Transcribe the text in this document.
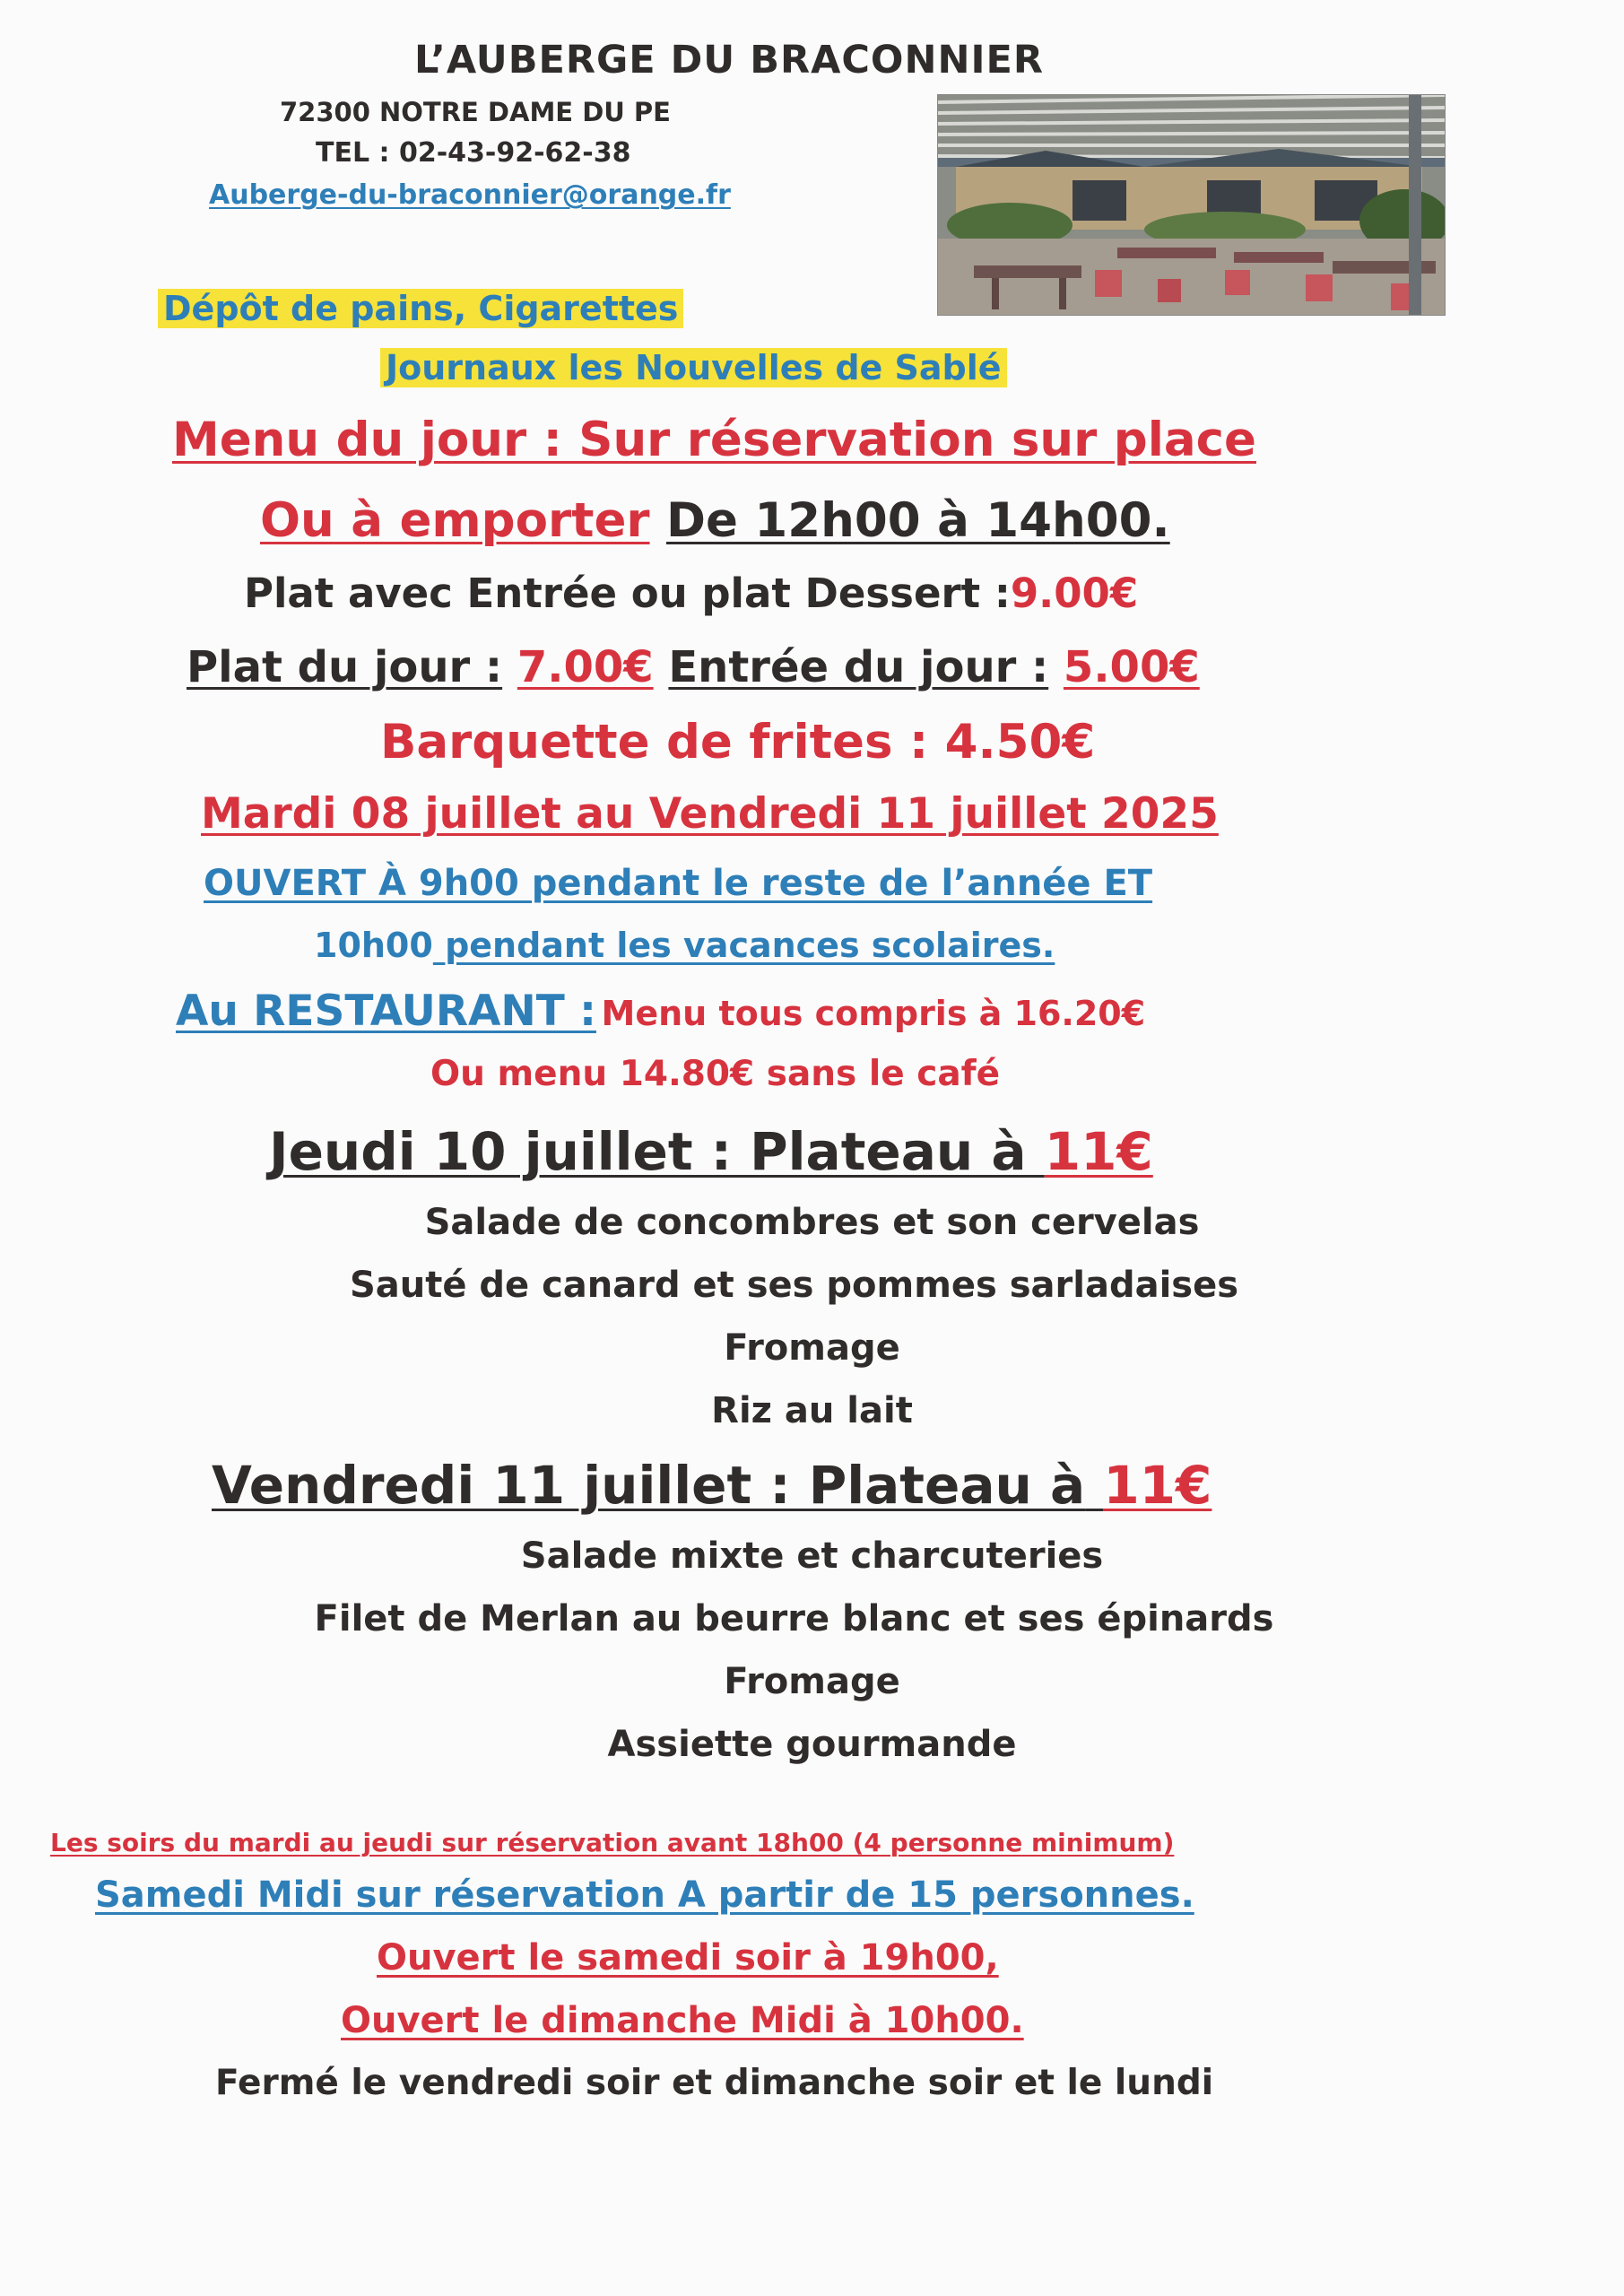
L’AUBERGE DU BRACONNIER
72300 NOTRE DAME DU PE
TEL : 02-43-92-62-38
Auberge-du-braconnier@orange.fr
Dépôt de pains, Cigarettes
Journaux les Nouvelles de Sablé
Menu du jour : Sur réservation sur place
Ou à emporter De 12h00 à 14h00.
Plat avec Entrée ou plat Dessert :9.00€
Plat du jour : 7.00€ Entrée du jour : 5.00€
Barquette de frites : 4.50€
Mardi 08 juillet au Vendredi 11 juillet 2025
OUVERT À 9h00 pendant le reste de l’année ET
10h00 pendant les vacances scolaires.
Au RESTAURANT : Menu tous compris à 16.20€
Ou menu 14.80€ sans le café
Jeudi 10 juillet : Plateau à 11€
Salade de concombres et son cervelas
Sauté de canard et ses pommes sarladaises
Fromage
Riz au lait
Vendredi 11 juillet : Plateau à 11€
Salade mixte et charcuteries
Filet de Merlan au beurre blanc et ses épinards
Fromage
Assiette gourmande
Les soirs du mardi au jeudi sur réservation avant 18h00 (4 personne minimum)
Samedi Midi sur réservation A partir de 15 personnes.
Ouvert le samedi soir à 19h00,
Ouvert le dimanche Midi à 10h00.
Fermé le vendredi soir et dimanche soir et le lundi
